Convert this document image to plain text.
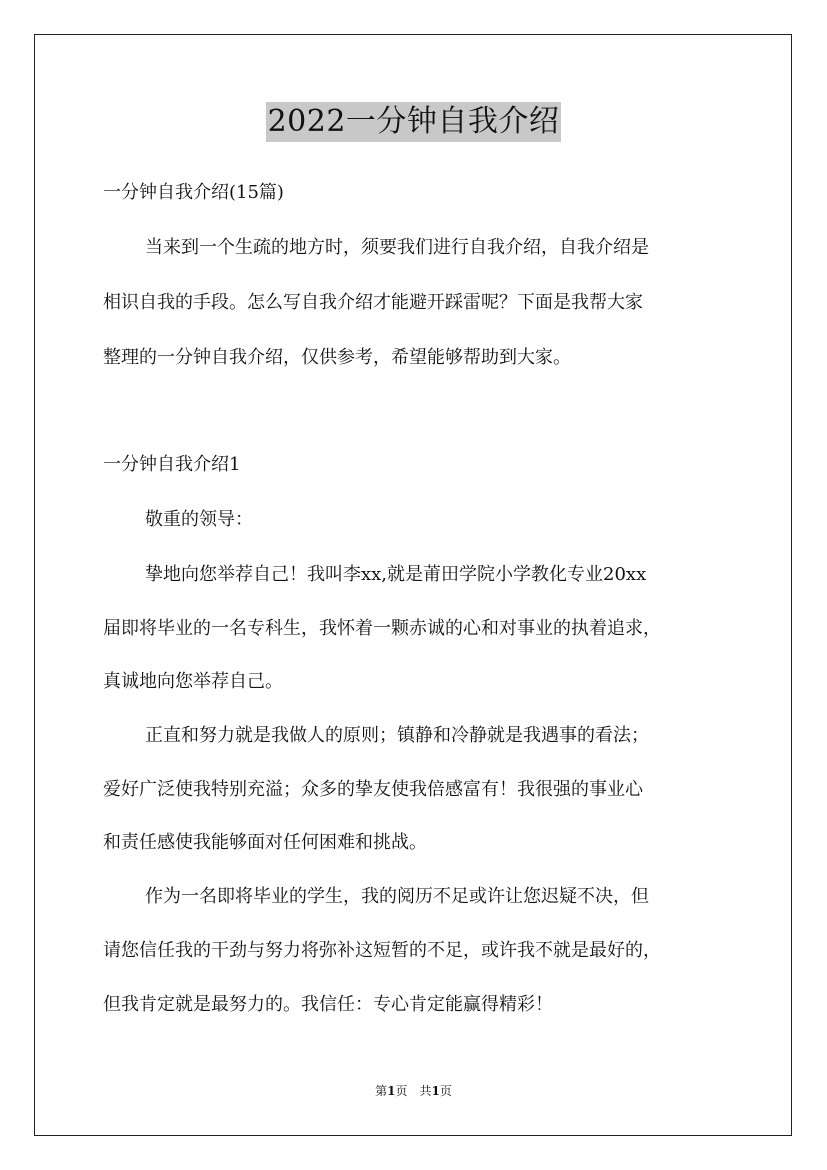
2022一分钟自我介绍
一分钟自我介绍(15篇)
当来到一个生疏的地方时，须要我们进行自我介绍，自我介绍是
相识自我的手段。怎么写自我介绍才能避开踩雷呢？下面是我帮大家
整理的一分钟自我介绍，仅供参考，希望能够帮助到大家。
一分钟自我介绍1
敬重的领导：
挚地向您举荐自己！我叫李xx,就是莆田学院小学教化专业20xx
届即将毕业的一名专科生，我怀着一颗赤诚的心和对事业的执着追求，
真诚地向您举荐自己。
正直和努力就是我做人的原则；镇静和冷静就是我遇事的看法；
爱好广泛使我特别充溢；众多的挚友使我倍感富有！我很强的事业心
和责任感使我能够面对任何困难和挑战。
作为一名即将毕业的学生，我的阅历不足或许让您迟疑不决，但
请您信任我的干劲与努力将弥补这短暂的不足，或许我不就是最好的，
但我肯定就是最努力的。我信任：专心肯定能赢得精彩！
第1页　共1页
